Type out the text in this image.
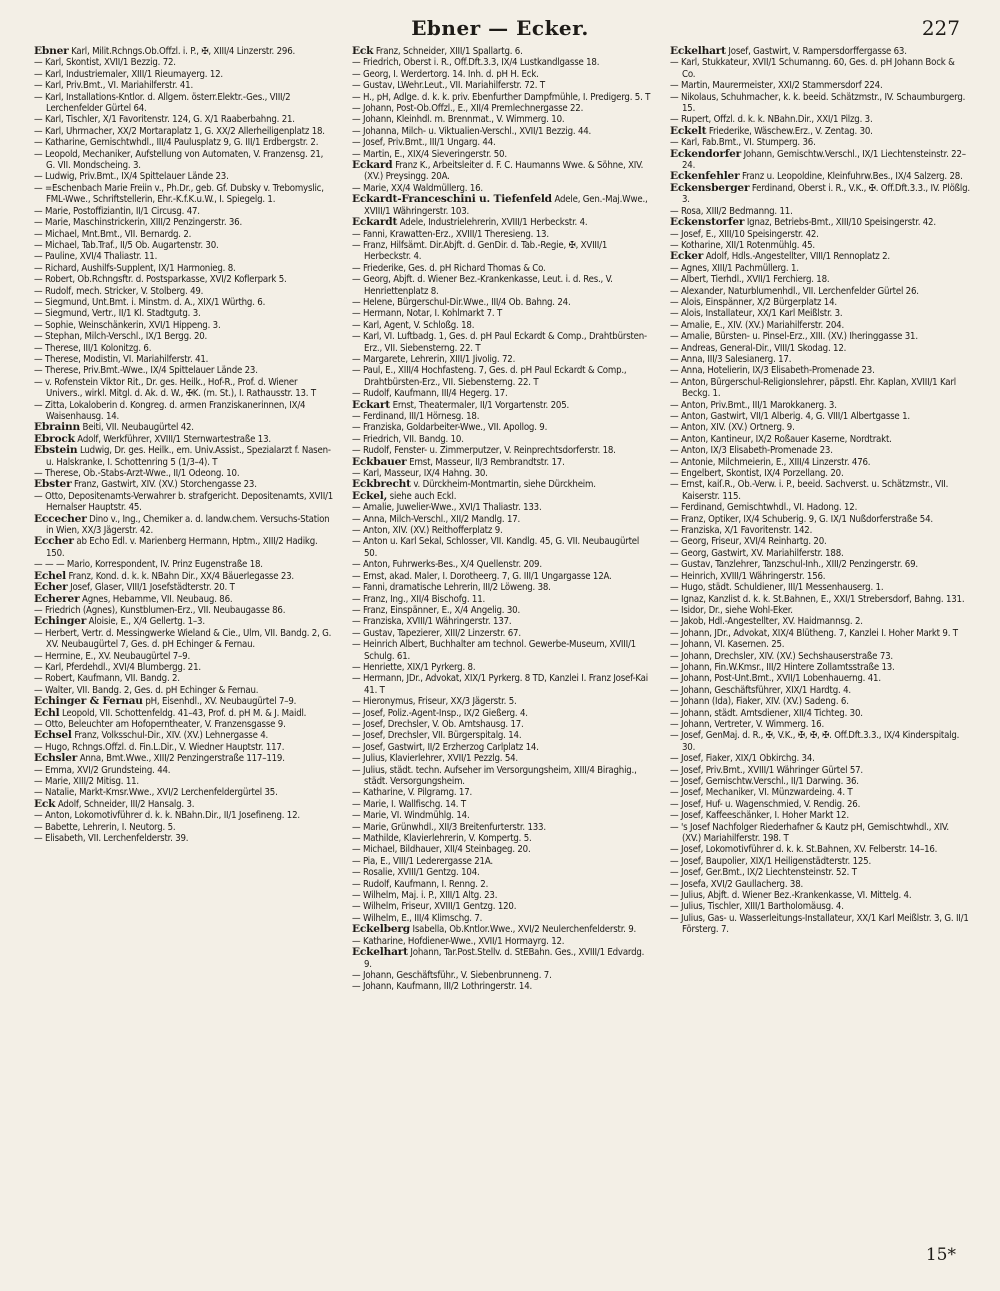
Ebner — Ecker.	227

Ebner Karl, Milit.Rchngs.Ob.Offzl. i. P., ✠, XIII/4 Linzerstr. 296.

— Karl, Skontist, XVII/1 Bezzig. 72.

— Karl, Industriemaler, XIII/1 Rieumayerg. 12.

— Karl, Priv.Bmt., VI. Mariahilferstr. 41.

— Karl, Installations-Kntlor. d. Allgem. österr.Elektr.-Ges., VIII/2 Lerchenfelder Gürtel 64.

— Karl, Tischler, X/1 Favoritenstr. 124, G. X/1 Raaberbahng. 21.

— Karl, Uhrmacher, XX/2 Mortaraplatz 1, G. XX/2 Allerheiligenplatz 18.

— Katharine, Gemischtwhdl., III/4 Paulusplatz 9, G. III/1 Erdbergstr. 2.

— Leopold, Mechaniker, Aufstellung von Automaten, V. Franzensg. 21, G. VII. Mondscheing. 3.

— Ludwig, Priv.Bmt., IX/4 Spittelauer Lände 23.

— =Eschenbach Marie Freiin v., Ph.Dr., geb. Gf. Dubsky v. Trebomyslic, FML-Wwe., Schriftstellerin, Ehr.-K.f.K.u.W., I. Spiegelg. 1.

— Marie, Postoffiziantin, II/1 Circusg. 47.

— Marie, Maschinstrickerin, XIII/2 Penzingerstr. 36.

— Michael, Mnt.Bmt., VII. Bernardg. 2.

— Michael, Tab.Traf., II/5 Ob. Augartenstr. 30.

— Pauline, XVI/4 Thaliastr. 11.

— Richard, Aushilfs-Supplent, IX/1 Harmonieg. 8.

— Robert, Ob.Rchngsftr. d. Postsparkasse, XVI/2 Koflerpark 5.

— Rudolf, mech. Stricker, V. Stolberg. 49.

— Siegmund, Unt.Bmt. i. Minstm. d. A., XIX/1 Würthg. 6.

— Siegmund, Vertr., II/1 Kl. Stadtgutg. 3.

— Sophie, Weinschänkerin, XVI/1 Hippeng. 3.

— Stephan, Milch-Verschl., IX/1 Bergg. 20.

— Therese, III/1 Kolonitzg. 6.

— Therese, Modistin, VI. Mariahilferstr. 41.

— Therese, Priv.Bmt.-Wwe., IX/4 Spittelauer Lände 23.

— v. Rofenstein Viktor Rit., Dr. ges. Heilk., Hof-R., Prof. d. Wiener Univers., wirkl. Mitgl. d. Ak. d. W., ✠K. (m. St.), I. Rathausstr. 13. T

— Zitta, Lokaloberin d. Kongreg. d. armen Franziskanerinnen, IX/4 Waisenhausg. 14.

Ebrainn Beiti, VII. Neubaugürtel 42.

Ebrock Adolf, Werkführer, XVIII/1 Sternwartestraße 13.

Ebstein Ludwig, Dr. ges. Heilk., em. Univ.Assist., Spezialarzt f. Nasen- u. Halskranke, I. Schottenring 5 (1/3–4). T

— Therese, Ob.-Stabs-Arzt-Wwe., II/1 Odeong. 10.

Ebster Franz, Gastwirt, XIV. (XV.) Storchengasse 23.

— Otto, Depositenamts-Verwahrer b. strafgericht. Depositenamts, XVII/1 Hernalser Hauptstr. 45.

Eccecher Dino v., Ing., Chemiker a. d. landw.chem. Versuchs-Station in Wien, XX/3 Jägerstr. 42.

Eccher ab Echo Edl. v. Marienberg Hermann, Hptm., XIII/2 Hadikg. 150.

— — — Mario, Korrespondent, IV. Prinz Eugenstraße 18.

Echel Franz, Kond. d. k. k. NBahn Dir., XX/4 Bäuerlegasse 23.

Echer Josef, Glaser, VIII/1 Josefstädterstr. 20. T

Echerer Agnes, Hebamme, VII. Neubaug. 86.

— Friedrich (Agnes), Kunstblumen-Erz., VII. Neubaugasse 86.

Echinger Aloisie, E., X/4 Gellertg. 1–3.

— Herbert, Vertr. d. Messingwerke Wieland & Cie., Ulm, VII. Bandg. 2, G. XV. Neubaugürtel 7, Ges. d. pH Echinger & Fernau.

— Hermine, E., XV. Neubaugürtel 7–9.

— Karl, Pferdehdl., XVI/4 Blumbergg. 21.

— Robert, Kaufmann, VII. Bandg. 2.

— Walter, VII. Bandg. 2, Ges. d. pH Echinger & Fernau.

Echinger & Fernau pH, Eisenhdl., XV. Neubaugürtel 7–9.

Echl Leopold, VII. Schottenfeldg. 41–43, Prof. d. pH M. & J. Maidl.

— Otto, Beleuchter am Hofoperntheater, V. Franzensgasse 9.

Echsel Franz, Volksschul-Dir., XIV. (XV.) Lehnergasse 4.

— Hugo, Rchngs.Offzl. d. Fin.L.Dir., V. Wiedner Hauptstr. 117.

Echsler Anna, Bmt.Wwe., XIII/2 Penzingerstraße 117–119.

— Emma, XVI/2 Grundsteing. 44.

— Marie, XIII/2 Mitisg. 11.

— Natalie, Markt-Kmsr.Wwe., XVI/2 Lerchenfeldergürtel 35.

Eck Adolf, Schneider, III/2 Hansalg. 3.

— Anton, Lokomotivführer d. k. k. NBahn.Dir., II/1 Josefineng. 12.

— Babette, Lehrerin, I. Neutorg. 5.

— Elisabeth, VII. Lerchenfelderstr. 39.

Eck Franz, Schneider, XIII/1 Spallartg. 6.

— Friedrich, Oberst i. R., Off.Dft.3.3, IX/4 Lustkandlgasse 18.

— Georg, I. Werdertorg. 14. Inh. d. pH H. Eck.

— Gustav, LWehr.Leut., VII. Mariahilferstr. 72. T

— H., pH, Adlge. d. k. k. priv. Ebenfurther Dampfmühle, I. Predigerg. 5. T

— Johann, Post-Ob.Offzl., E., XII/4 Premlechnergasse 22.

— Johann, Kleinhdl. m. Brennmat., V. Wimmerg. 10.

— Johanna, Milch- u. Viktualien-Verschl., XVII/1 Bezzig. 44.

— Josef, Priv.Bmt., III/1 Ungarg. 44.

— Martin, E., XIX/4 Sieveringerstr. 50.

Eckard Franz K., Arbeitsleiter d. F. C. Haumanns Wwe. & Söhne, XIV. (XV.) Preysingg. 20A.

— Marie, XX/4 Waldmüllerg. 16.

Eckardt-Franceschini u. Tiefenfeld Adele, Gen.-Maj.Wwe., XVIII/1 Währingerstr. 103.

Eckardt Adele, Industrielehrerin, XVIII/1 Herbeckstr. 4.

— Fanni, Krawatten-Erz., XVIII/1 Theresieng. 13.

— Franz, Hilfsämt. Dir.Abjft. d. GenDir. d. Tab.-Regie, ✠, XVIII/1 Herbeckstr. 4.

— Friederike, Ges. d. pH Richard Thomas & Co.

— Georg, Abjft. d. Wiener Bez.-Krankenkasse, Leut. i. d. Res., V. Henriettenplatz 8.

— Helene, Bürgerschul-Dir.Wwe., III/4 Ob. Bahng. 24.

— Hermann, Notar, I. Kohlmarkt 7. T

— Karl, Agent, V. Schloßg. 18.

— Karl, VI. Luftbadg. 1, Ges. d. pH Paul Eckardt & Comp., Drahtbürsten-Erz., VII. Siebensterng. 22. T

— Margarete, Lehrerin, XIII/1 Jivolig. 72.

— Paul, E., XIII/4 Hochfasteng. 7, Ges. d. pH Paul Eckardt & Comp., Drahtbürsten-Erz., VII. Siebensterng. 22. T

— Rudolf, Kaufmann, III/4 Hegerg. 17.

Eckart Ernst, Theatermaler, II/1 Vorgartenstr. 205.

— Ferdinand, III/1 Hörnesg. 18.

— Franziska, Goldarbeiter-Wwe., VII. Apollog. 9.

— Friedrich, VII. Bandg. 10.

— Rudolf, Fenster- u. Zimmerputzer, V. Reinprechtsdorferstr. 18.

Eckbauer Ernst, Masseur, II/3 Rembrandtstr. 17.

— Karl, Masseur, IX/4 Hahng. 30.

Eckbrecht v. Dürckheim-Montmartin, siehe Dürckheim.

Eckel, siehe auch Eckl.

— Amalie, Juwelier-Wwe., XVI/1 Thaliastr. 133.

— Anna, Milch-Verschl., XII/2 Mandlg. 17.

— Anton, XIV. (XV.) Reithofferplatz 9.

— Anton u. Karl Sekal, Schlosser, VII. Kandlg. 45, G. VII. Neubaugürtel 50.

— Anton, Fuhrwerks-Bes., X/4 Quellenstr. 209.

— Ernst, akad. Maler, I. Dorotheerg. 7, G. III/1 Ungargasse 12A.

— Fanni, dramatische Lehrerin, III/2 Löweng. 38.

— Franz, Ing., XII/4 Bischofg. 11.

— Franz, Einspänner, E., X/4 Angelig. 30.

— Franziska, XVIII/1 Währingerstr. 137.

— Gustav, Tapezierer, XIII/2 Linzerstr. 67.

— Heinrich Albert, Buchhalter am technol. Gewerbe-Museum, XVIII/1 Schulg. 61.

— Henriette, XIX/1 Pyrkerg. 8.

— Hermann, JDr., Advokat, XIX/1 Pyrkerg. 8 TD, Kanzlei I. Franz Josef-Kai 41. T

— Hieronymus, Friseur, XX/3 Jägerstr. 5.

— Josef, Poliz.-Agent-Insp., IX/2 Gießerg. 4.

— Josef, Drechsler, V. Ob. Amtshausg. 17.

— Josef, Drechsler, VII. Bürgerspitalg. 14.

— Josef, Gastwirt, II/2 Erzherzog Carlplatz 14.

— Julius, Klavierlehrer, XVII/1 Pezzlg. 54.

— Julius, städt. techn. Aufseher im Versorgungsheim, XIII/4 Biraghig., städt. Versorgungsheim.

— Katharine, V. Pilgramg. 17.

— Marie, I. Wallfischg. 14. T

— Marie, VI. Windmühlg. 14.

— Marie, Grünwhdl., XII/3 Breitenfurterstr. 133.

— Mathilde, Klavierlehrerin, V. Kompertg. 5.

— Michael, Bildhauer, XII/4 Steinbageg. 20.

— Pia, E., VIII/1 Lederergasse 21A.

— Rosalie, XVIII/1 Gentzg. 104.

— Rudolf, Kaufmann, I. Renng. 2.

— Wilhelm, Maj. i. P., XIII/1 Altg. 23.

— Wilhelm, Friseur, XVIII/1 Gentzg. 120.

— Wilhelm, E., III/4 Klimschg. 7.

Eckelberg Isabella, Ob.Kntlor.Wwe., XVI/2 Neulerchenfelderstr. 9.

— Katharine, Hofdiener-Wwe., XVII/1 Hormayrg. 12.

Eckelhart Johann, Tar.Post.Stellv. d. StEBahn. Ges., XVIII/1 Edvardg. 9.

— Johann, Geschäftsführ., V. Siebenbrunneng. 7.

— Johann, Kaufmann, III/2 Lothringerstr. 14.

Eckelhart Josef, Gastwirt, V. Rampersdorffergasse 63.

— Karl, Stukkateur, XVII/1 Schumanng. 60, Ges. d. pH Johann Bock & Co.

— Martin, Maurermeister, XXI/2 Stammersdorf 224.

— Nikolaus, Schuhmacher, k. k. beeid. Schätzmstr., IV. Schaumburgerg. 15.

— Rupert, Offzl. d. k. k. NBahn.Dir., XXI/1 Pilzg. 3.

Eckelt Friederike, Wäschew.Erz., V. Zentag. 30.

— Karl, Fab.Bmt., VI. Stumperg. 36.

Eckendorfer Johann, Gemischtw.Verschl., IX/1 Liechtensteinstr. 22–24.

Eckenfehler Franz u. Leopoldine, Kleinfuhrw.Bes., IX/4 Salzerg. 28.

Eckensberger Ferdinand, Oberst i. R., V.K., ✠. Off.Dft.3.3., IV. Plößlg. 3.

— Rosa, XIII/2 Bedmanng. 11.

Eckenstorfer Ignaz, Betriebs-Bmt., XIII/10 Speisingerstr. 42.

— Josef, E., XIII/10 Speisingerstr. 42.

— Kotharine, XII/1 Rotenmühlg. 45.

Ecker Adolf, Hdls.-Angestellter, VIII/1 Rennoplatz 2.

— Agnes, XIII/1 Pachmüllerg. 1.

— Albert, Tierhdl., XVII/1 Ferchierg. 18.

— Alexander, Naturblumenhdl., VII. Lerchenfelder Gürtel 26.

— Alois, Einspänner, X/2 Bürgerplatz 14.

— Alois, Installateur, XX/1 Karl Meißlstr. 3.

— Amalie, E., XIV. (XV.) Mariahilferstr. 204.

— Amalie, Bürsten- u. Pinsel-Erz., XIII. (XV.) Iheringgasse 31.

— Andreas, General-Dir., VIII/1 Skodag. 12.

— Anna, III/3 Salesianerg. 17.

— Anna, Hotelierin, IX/3 Elisabeth-Promenade 23.

— Anton, Bürgerschul-Religionslehrer, päpstl. Ehr. Kaplan, XVIII/1 Karl Beckg. 1.

— Anton, Priv.Bmt., III/1 Marokkanerg. 3.

— Anton, Gastwirt, VII/1 Alberig. 4, G. VIII/1 Albertgasse 1.

— Anton, XIV. (XV.) Ortnerg. 9.

— Anton, Kantineur, IX/2 Roßauer Kaserne, Nordtrakt.

— Anton, IX/3 Elisabeth-Promenade 23.

— Antonie, Milchmeierin, E., XIII/4 Linzerstr. 476.

— Engelbert, Skontist, IX/4 Porzellang. 20.

— Ernst, kaiſ.R., Ob.-Verw. i. P., beeid. Sachverst. u. Schätzmstr., VII. Kaiserstr. 115.

— Ferdinand, Gemischtwhdl., VI. Hadong. 12.

— Franz, Optiker, IX/4 Schuberig. 9, G. IX/1 Nußdorferstraße 54.

— Franziska, X/1 Favoritenstr. 142.

— Georg, Friseur, XVI/4 Reinhartg. 20.

— Georg, Gastwirt, XV. Mariahilferstr. 188.

— Gustav, Tanzlehrer, Tanzschul-Inh., XIII/2 Penzingerstr. 69.

— Heinrich, XVIII/1 Währingerstr. 156.

— Hugo, städt. Schuldiener, III/1 Messenhauserg. 1.

— Ignaz, Kanzlist d. k. k. St.Bahnen, E., XXI/1 Strebersdorf, Bahng. 131.

— Isidor, Dr., siehe Wohl-Eker.

— Jakob, Hdl.-Angestellter, XV. Haidmannsg. 2.

— Johann, JDr., Advokat, XIX/4 Blütheng. 7, Kanzlei I. Hoher Markt 9. T

— Johann, VI. Kasernen. 25.

— Johann, Drechsler, XIV. (XV.) Sechshauserstraße 73.

— Johann, Fin.W.Kmsr., III/2 Hintere Zollamtsstraße 13.

— Johann, Post-Unt.Bmt., XVII/1 Lobenhauerng. 41.

— Johann, Geschäftsführer, XIX/1 Hardtg. 4.

— Johann (Ida), Fiaker, XIV. (XV.) Sadeng. 6.

— Johann, städt. Amtsdiener, XII/4 Tichteg. 30.

— Johann, Vertreter, V. Wimmerg. 16.

— Josef, GenMaj. d. R., ✠, V.K., ✠, ✠, ✠. Off.Dft.3.3., IX/4 Kinderspitalg. 30.

— Josef, Fiaker, XIX/1 Obkirchg. 34.

— Josef, Priv.Bmt., XVIII/1 Währinger Gürtel 57.

— Josef, Gemischtw.Verschl., II/1 Darwing. 36.

— Josef, Mechaniker, VI. Münzwardeing. 4. T

— Josef, Huf- u. Wagenschmied, V. Rendig. 26.

— Josef, Kaffeeschänker, I. Hoher Markt 12.

— 's Josef Nachfolger Riederhafner & Kautz pH, Gemischtwhdl., XIV. (XV.) Mariahilferstr. 198. T

— Josef, Lokomotivführer d. k. k. St.Bahnen, XV. Felberstr. 14–16.

— Josef, Baupolier, XIX/1 Heiligenstädterstr. 125.

— Josef, Ger.Bmt., IX/2 Liechtensteinstr. 52. T

— Josefa, XVI/2 Gaullacherg. 38.

— Julius, Abjft. d. Wiener Bez.-Krankenkasse, VI. Mittelg. 4.

— Julius, Tischler, XIII/1 Bartholomäusg. 4.

— Julius, Gas- u. Wasserleitungs-Installateur, XX/1 Karl Meißlstr. 3, G. II/1 Försterg. 7.

15*
